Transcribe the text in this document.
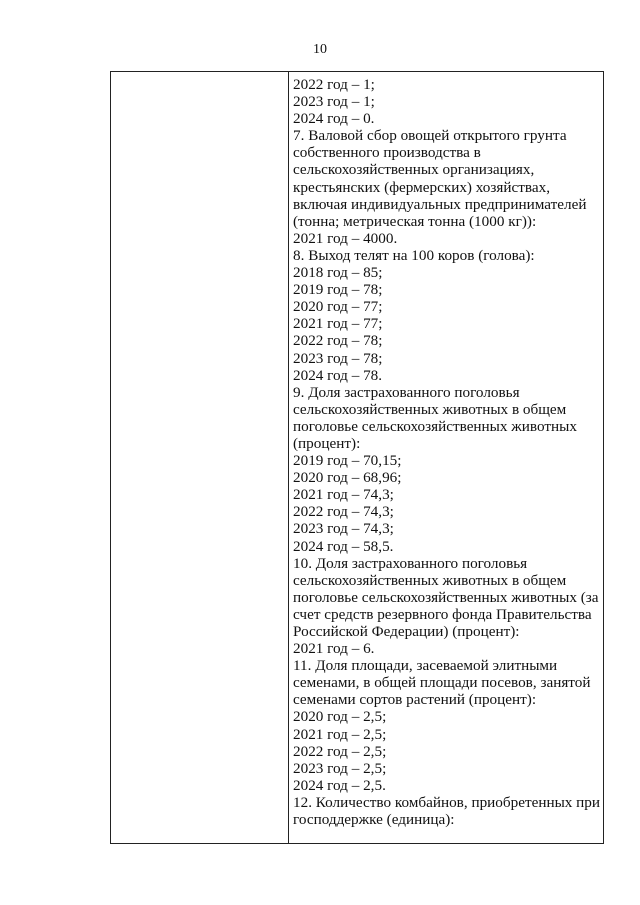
10
2022 год – 1;
2023 год – 1;
2024 год – 0.
7. Валовой сбор овощей открытого грунта
собственного производства в
сельскохозяйственных организациях,
крестьянских (фермерских) хозяйствах,
включая индивидуальных предпринимателей
(тонна; метрическая тонна (1000 кг)):
2021 год – 4000.
8. Выход телят на 100 коров (голова):
2018 год – 85;
2019 год – 78;
2020 год – 77;
2021 год – 77;
2022 год – 78;
2023 год – 78;
2024 год – 78.
9. Доля застрахованного поголовья
сельскохозяйственных животных в общем
поголовье сельскохозяйственных животных
(процент):
2019 год – 70,15;
2020 год – 68,96;
2021 год – 74,3;
2022 год – 74,3;
2023 год – 74,3;
2024 год – 58,5.
10. Доля застрахованного поголовья
сельскохозяйственных животных в общем
поголовье сельскохозяйственных животных (за
счет средств резервного фонда Правительства
Российской Федерации) (процент):
2021 год – 6.
11. Доля площади, засеваемой элитными
семенами, в общей площади посевов, занятой
семенами сортов растений (процент):
2020 год – 2,5;
2021 год – 2,5;
2022 год – 2,5;
2023 год – 2,5;
2024 год – 2,5.
12. Количество комбайнов, приобретенных при
господдержке (единица):
